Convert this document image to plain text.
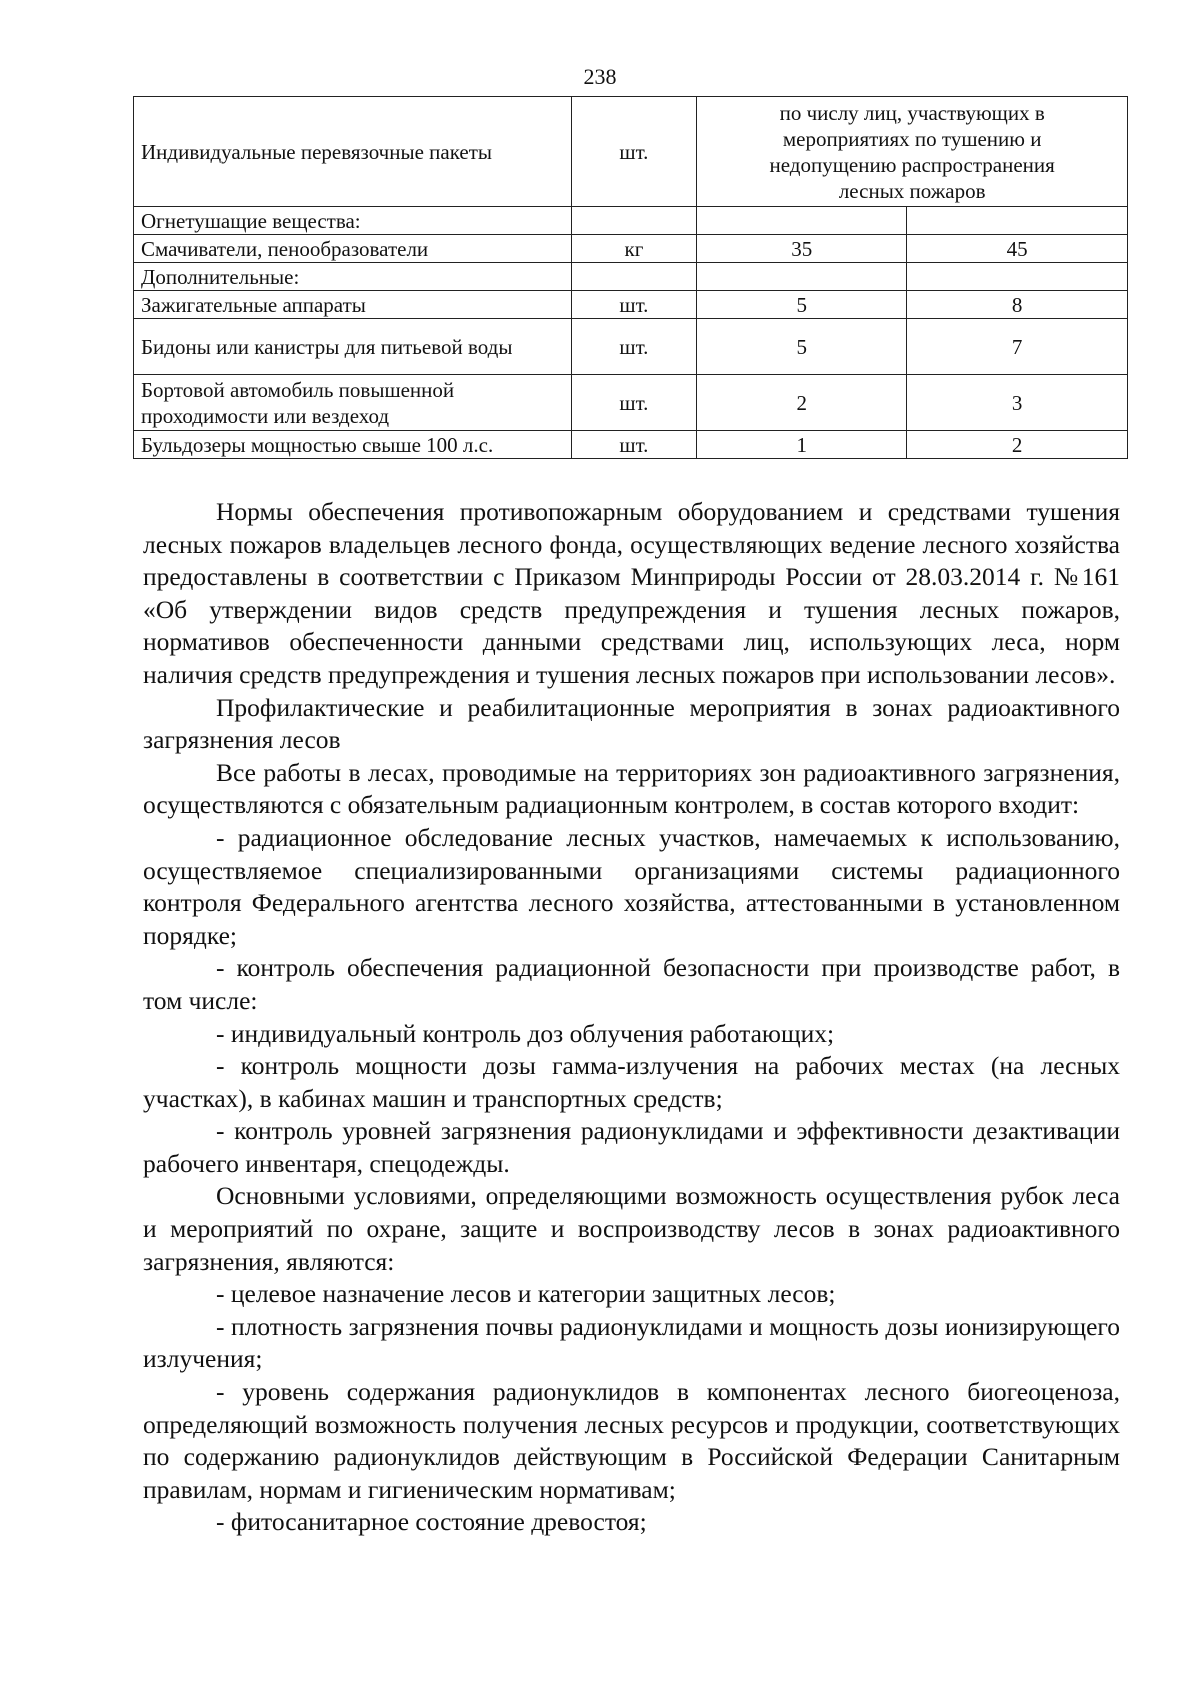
238
Индивидуальные перевязочные пакеты	шт.	по числу лиц, участвующих в мероприятиях по тушению и недопущению распространения лесных пожаров	
Огнетушащие вещества:			
Смачиватели, пенообразователи	кг	35	45
Дополнительные:			
Зажигательные аппараты	шт.	5	8
Бидоны или канистры для питьевой воды	шт.	5	7
Бортовой автомобиль повышенной проходимости или вездеход	шт.	2	3
Бульдозеры мощностью свыше 100 л.с.	шт.	1	2

Нормы обеспечения противопожарным оборудованием и средствами тушения лесных пожаров владельцев лесного фонда, осуществляющих ведение лесного хозяйства предоставлены в соответствии с Приказом Минприроды России от 28.03.2014 г. №161 «Об утверждении видов средств предупреждения и тушения лесных пожаров, нормативов обеспеченности данными средствами лиц, использующих леса, норм наличия средств предупреждения и тушения лесных пожаров при использовании лесов».

Профилактические и реабилитационные мероприятия в зонах радиоактивного загрязнения лесов

Все работы в лесах, проводимые на территориях зон радиоактивного загрязнения, осуществляются с обязательным радиационным контролем, в состав которого входит:

- радиационное обследование лесных участков, намечаемых к использованию, осуществляемое специализированными организациями системы радиационного контроля Федерального агентства лесного хозяйства, аттестованными в установленном порядке;

- контроль обеспечения радиационной безопасности при производстве работ, в том числе:

- индивидуальный контроль доз облучения работающих;

- контроль мощности дозы гамма-излучения на рабочих местах (на лесных участках), в кабинах машин и транспортных средств;

- контроль уровней загрязнения радионуклидами и эффективности дезактивации рабочего инвентаря, спецодежды.

Основными условиями, определяющими возможность осуществления рубок леса и мероприятий по охране, защите и воспроизводству лесов в зонах радиоактивного загрязнения, являются:

- целевое назначение лесов и категории защитных лесов;

- плотность загрязнения почвы радионуклидами и мощность дозы ионизирующего излучения;

- уровень содержания радионуклидов в компонентах лесного биогеоценоза, определяющий возможность получения лесных ресурсов и продукции, соответствующих по содержанию радионуклидов действующим в Российской Федерации Санитарным правилам, нормам и гигиеническим нормативам;

- фитосанитарное состояние древостоя;
